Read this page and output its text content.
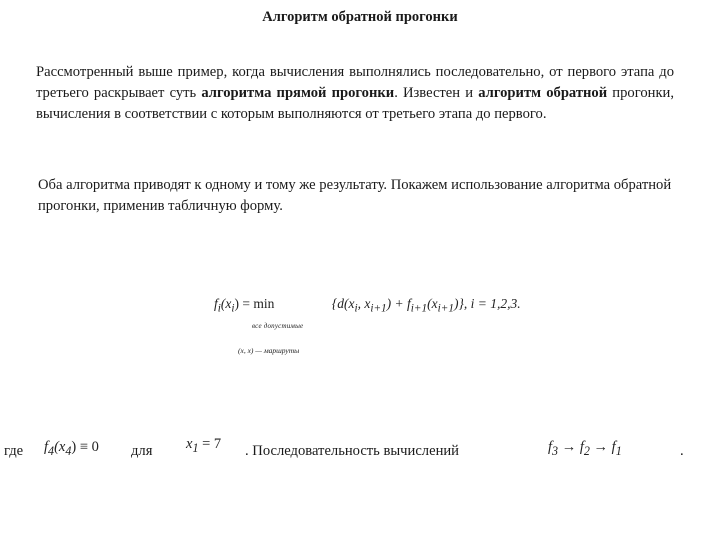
Алгоритм обратной прогонки
Рассмотренный выше пример, когда вычисления выполнялись последовательно, от первого этапа до третьего раскрывает суть алгоритма прямой прогонки. Известен и алгоритм обратной прогонки, вычисления в соответствии с которым выполняются от третьего этапа до первого.
Оба алгоритма приводят к одному и тому же результату. Покажем использование алгоритма обратной прогонки, применив табличную форму.
$f_i(x_i) = \min$	{$d(x_i$, $x_{i+1}) + f_{i+1}(x_{i+1})$}, i = 1,2,3.
всe допустимые
(x, x) — маршруты
где $f_4(x_4) \equiv 0$ для $x_1 = 7$ . Последовательность вычислений	$f_3 \to f_2 \to f_1$	.
